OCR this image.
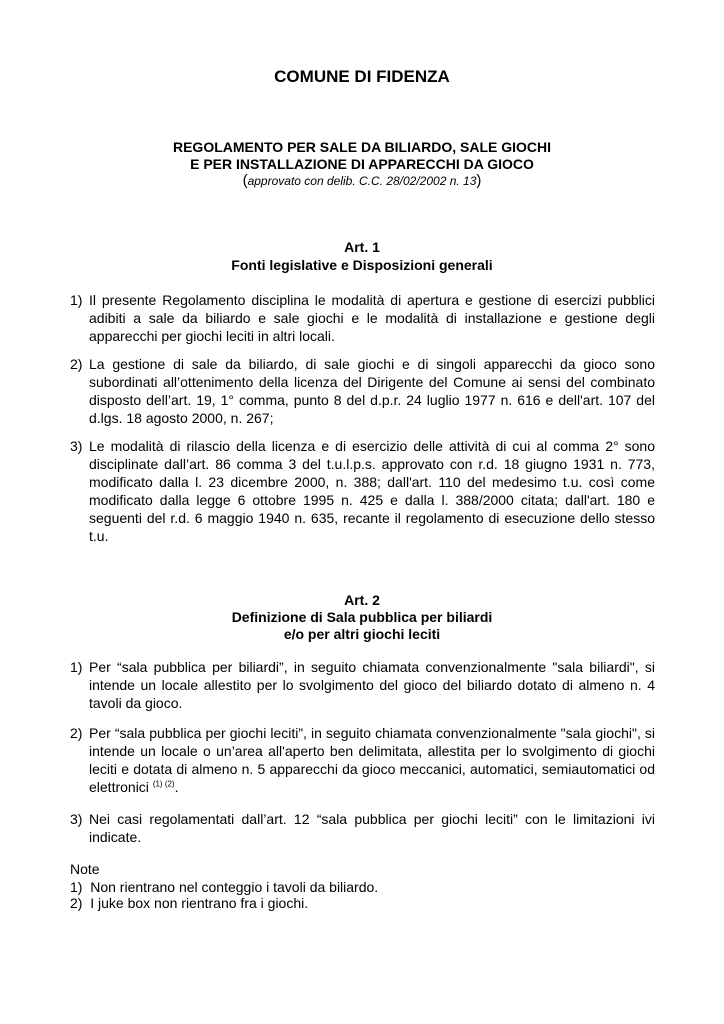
COMUNE DI FIDENZA
REGOLAMENTO PER SALE DA BILIARDO, SALE GIOCHI
E PER INSTALLAZIONE DI APPARECCHI DA GIOCO
(approvato con delib. C.C. 28/02/2002 n. 13)
Art. 1
Fonti legislative e Disposizioni generali
1) Il presente Regolamento disciplina le modalità di apertura e gestione di esercizi pubblici adibiti a sale da biliardo e sale giochi e le modalità di installazione e gestione degli apparecchi per giochi leciti in altri locali.
2) La gestione di sale da biliardo, di sale giochi e di singoli apparecchi da gioco sono subordinati all’ottenimento della licenza del Dirigente del Comune ai sensi del combinato disposto dell’art. 19, 1° comma, punto 8 del d.p.r. 24 luglio 1977 n. 616 e dell'art. 107 del d.lgs. 18 agosto 2000, n. 267;
3) Le modalità di rilascio della licenza e di esercizio delle attività di cui al comma 2° sono disciplinate dall’art. 86 comma 3 del t.u.l.p.s. approvato con r.d. 18 giugno 1931 n. 773, modificato dalla l. 23 dicembre 2000, n. 388; dall'art. 110 del medesimo t.u. così come modificato dalla legge 6 ottobre 1995 n. 425 e dalla l. 388/2000 citata; dall'art. 180 e seguenti del r.d. 6 maggio 1940 n. 635, recante il regolamento di esecuzione dello stesso t.u.
Art. 2
Definizione di Sala pubblica per biliardi
e/o per altri giochi leciti
1) Per “sala pubblica per biliardi”, in seguito chiamata convenzionalmente "sala biliardi", si intende un locale allestito per lo svolgimento del gioco del biliardo dotato di almeno n. 4 tavoli da gioco.
2) Per “sala pubblica per giochi leciti”, in seguito chiamata convenzionalmente "sala giochi", si intende un locale o un’area all'aperto ben delimitata, allestita per lo svolgimento di giochi leciti e dotata di almeno n. 5 apparecchi da gioco meccanici, automatici, semiautomatici od elettronici $^{(1) (2)}$.
3) Nei casi regolamentati dall’art. 12 “sala pubblica per giochi leciti” con le limitazioni ivi indicate.
Note
1)  Non rientrano nel conteggio i tavoli da biliardo.
2)  I juke box non rientrano fra i giochi.
